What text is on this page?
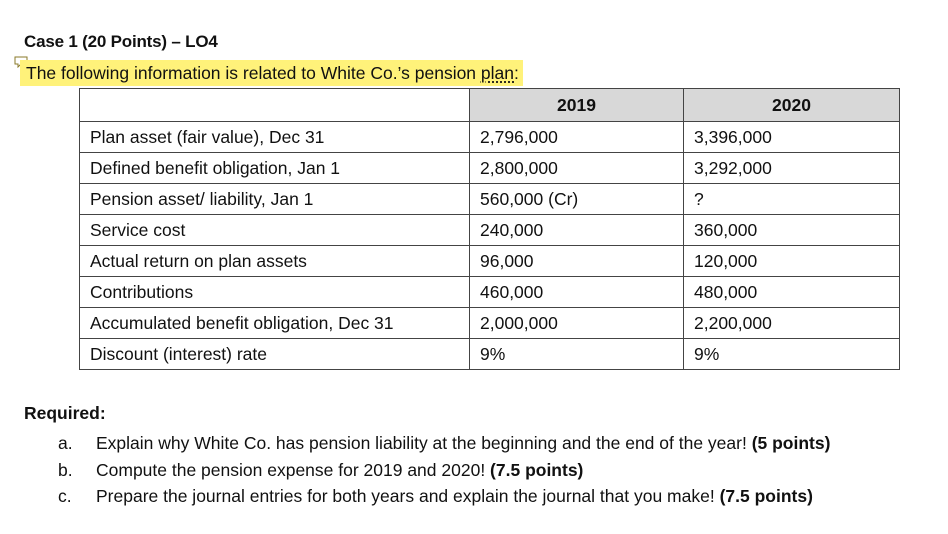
Case 1 (20 Points) – LO4
The following information is related to White Co.’s pension plan:
	2019	2020
Plan asset (fair value), Dec 31	2,796,000	3,396,000
Defined benefit obligation, Jan 1	2,800,000	3,292,000
Pension asset/ liability, Jan 1	560,000 (Cr)	?
Service cost	240,000	360,000
Actual return on plan assets	96,000	120,000
Contributions	460,000	480,000
Accumulated benefit obligation, Dec 31	2,000,000	2,200,000
Discount (interest) rate	9%	9%
Required:
a. Explain why White Co. has pension liability at the beginning and the end of the year! (5 points)
b. Compute the pension expense for 2019 and 2020! (7.5 points)
c. Prepare the journal entries for both years and explain the journal that you make! (7.5 points)
